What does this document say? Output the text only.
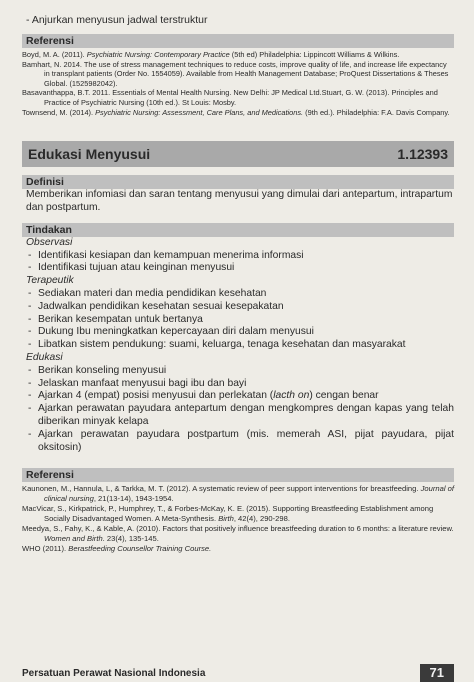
- Anjurkan menyusun jadwal terstruktur
Referensi
Boyd, M. A. (2011). Psychiatric Nursing: Contemporary Practice (5th ed) Philadelphia: Lippincott Williams & Wilkins.
Bamhart, N. 2014. The use of stress management techniques to reduce costs, improve quality of life, and increase life expectancy in transplant patients (Order No. 1554059). Available from Health Management Database; ProQuest Dissertations & Theses Global. (1525982042).
Basavanthappa, B.T. 2011. Essentials of Mental Health Nursing. New Delhi: JP Medical Ltd.Stuart, G. W. (2013). Principles and Practice of Psychiatric Nursing (10th ed.). St Louis: Mosby.
Townsend, M. (2014). Psychiatric Nursing: Assessment, Care Plans, and Medications. (9th ed.). Philadelphia: F.A. Davis Company.
Edukasi Menyusui	1.12393
Definisi
Memberikan infomiasi dan saran tentang menyusui yang dimulai dari antepartum, intrapartum dan postpartum.
Tindakan
Observasi
- Identifikasi kesiapan dan kemampuan menerima informasi
- Identifikasi tujuan atau keinginan menyusui
Terapeutik
- Sediakan materi dan media pendidikan kesehatan
- Jadwalkan pendidikan kesehatan sesuai kesepakatan
- Berikan kesempatan untuk bertanya
- Dukung Ibu meningkatkan kepercayaan diri dalam menyusui
- Libatkan sistem pendukung: suami, keluarga, tenaga kesehatan dan masyarakat
Edukasi
- Berikan konseling menyusui
- Jelaskan manfaat menyusui bagi ibu dan bayi
- Ajarkan 4 (empat) posisi menyusui dan perlekatan (lacth on) cengan benar
- Ajarkan perawatan payudara antepartum dengan mengkompres dengan kapas yang telah diberikan minyak kelapa
- Ajarkan perawatan payudara postpartum (mis. memerah ASI, pijat payudara, pijat oksitosin)
Referensi
Kaunonen, M., Hannula, L, & Tarkka, M. T. (2012). A systematic review of peer support interventions for breastfeeding. Journal of clinical nursing, 21(13-14), 1943-1954.
MacVicar, S., Kirkpatrick, P., Humphrey, T., & Forbes-McKay, K. E. (2015). Supporting Breastfeeding Establishment among Socially Disadvantaged Women. A Meta-Synthesis. Birth, 42(4), 290-298.
Meedya, S., Fahy, K., & Kable, A. (2010). Factors that positively influence breastfeeding duration to 6 months: a literature review. Women and Birth. 23(4), 135-145.
WHO (2011). Berastfeeding Counsellor Training Course.
Persatuan Perawat Nasional Indonesia	71
